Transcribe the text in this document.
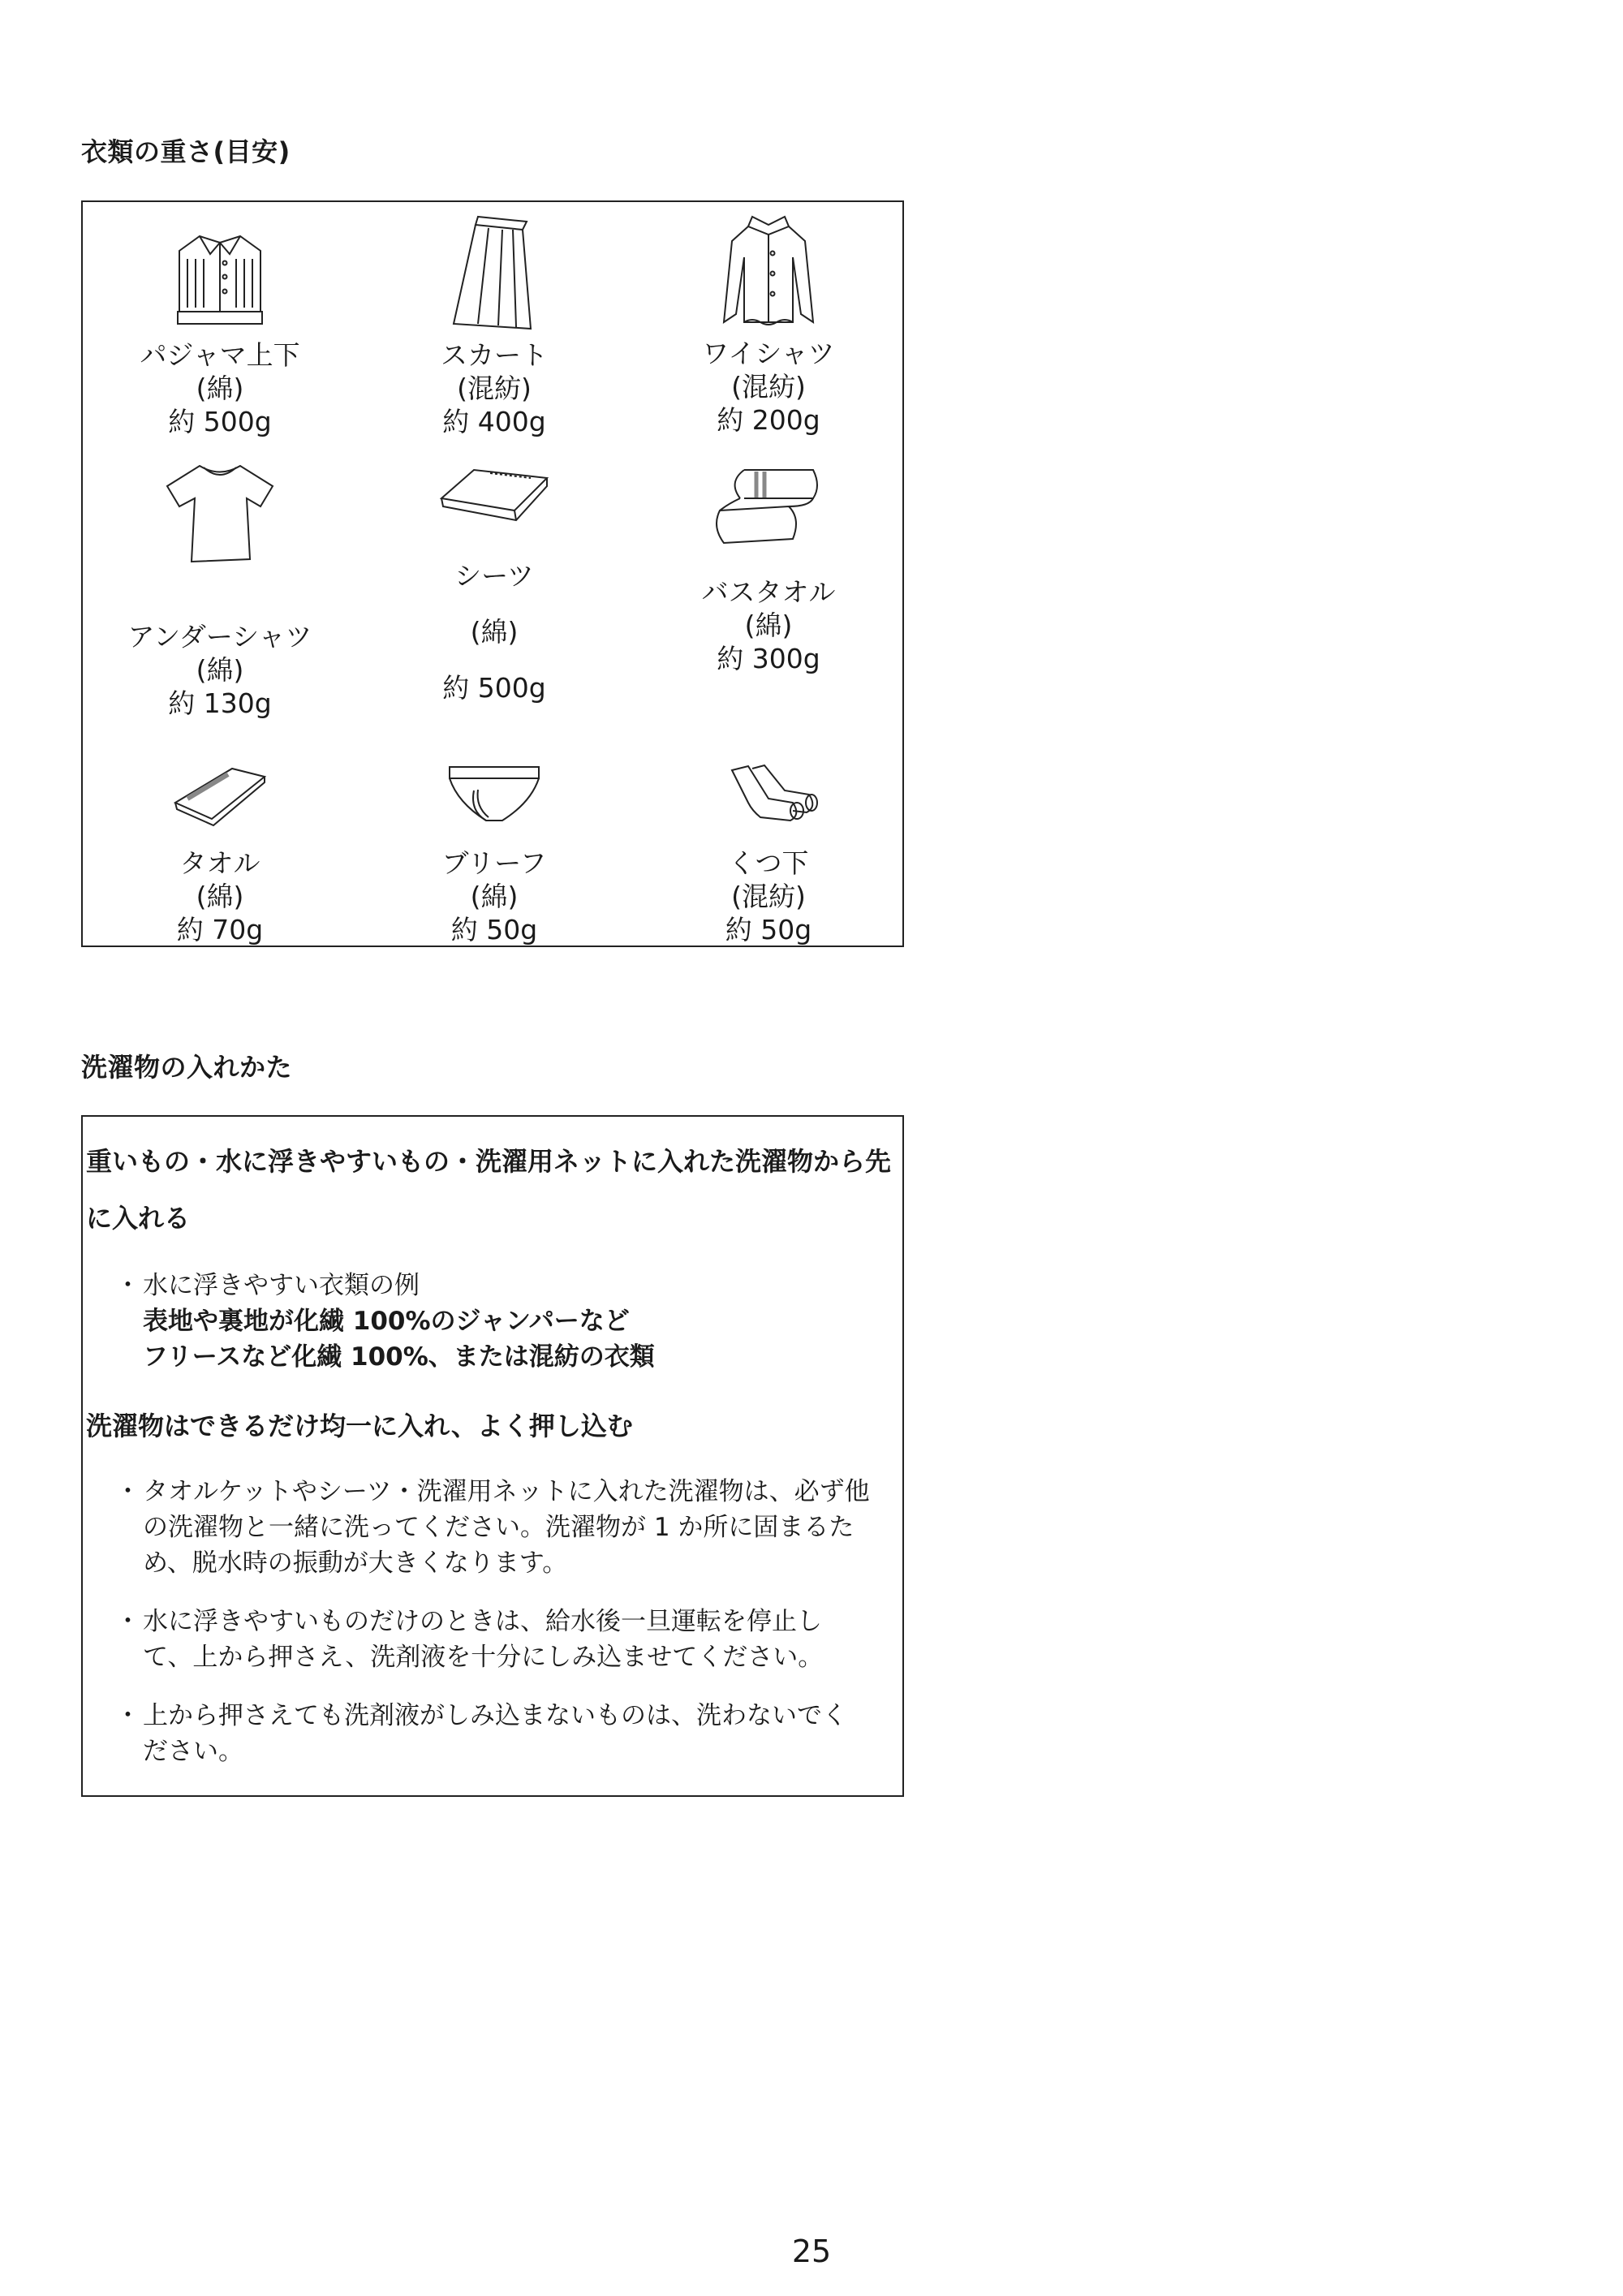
衣類の重さ(目安)
パジャマ上下
(綿)
約 500g
スカート
(混紡)
約 400g
ワイシャツ
(混紡)
約 200g
アンダーシャツ
(綿)
約 130g
シーツ
(綿)
約 500g
バスタオル
(綿)
約 300g
タオル
(綿)
約 70g
ブリーフ
(綿)
約 50g
くつ下
(混紡)
約 50g
洗濯物の入れかた
重いもの・水に浮きやすいもの・洗濯用ネットに入れた洗濯物から先
に入れる
・ 水に浮きやすい衣類の例
表地や裏地が化繊 100%のジャンパーなど
フリースなど化繊 100%、または混紡の衣類
洗濯物はできるだけ均一に入れ、よく押し込む
・ タオルケットやシーツ・洗濯用ネットに入れた洗濯物は、必ず他
の洗濯物と一緒に洗ってください。洗濯物が 1 か所に固まるた
め、脱水時の振動が大きくなります。
・ 水に浮きやすいものだけのときは、給水後一旦運転を停止し
て、上から押さえ、洗剤液を十分にしみ込ませてください。
・ 上から押さえても洗剤液がしみ込まないものは、洗わないでく
ださい。
25
